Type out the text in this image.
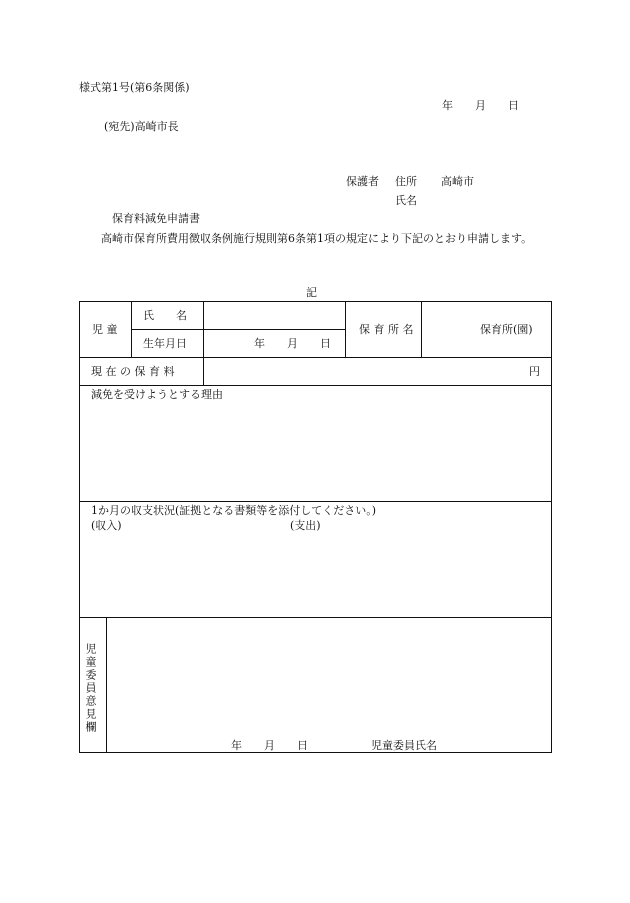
様式第1号(第6条関係)
年　　月　　日
(宛先)高崎市長
保護者 住所 高崎市
氏名
保育料減免申請書
高崎市保育所費用徴収条例施行規則第6条第1項の規定により下記のとおり申請します。
記
児 童
氏　　名
生年月日	年　　月　　日
保 育 所 名	保育所(園)
現 在 の 保 育 料	円
減免を受けようとする理由
1か月の収支状況(証拠となる書類等を添付してください。)
(収入)	(支出)
児童委員意見欄
年　　月　　日	児童委員氏名
